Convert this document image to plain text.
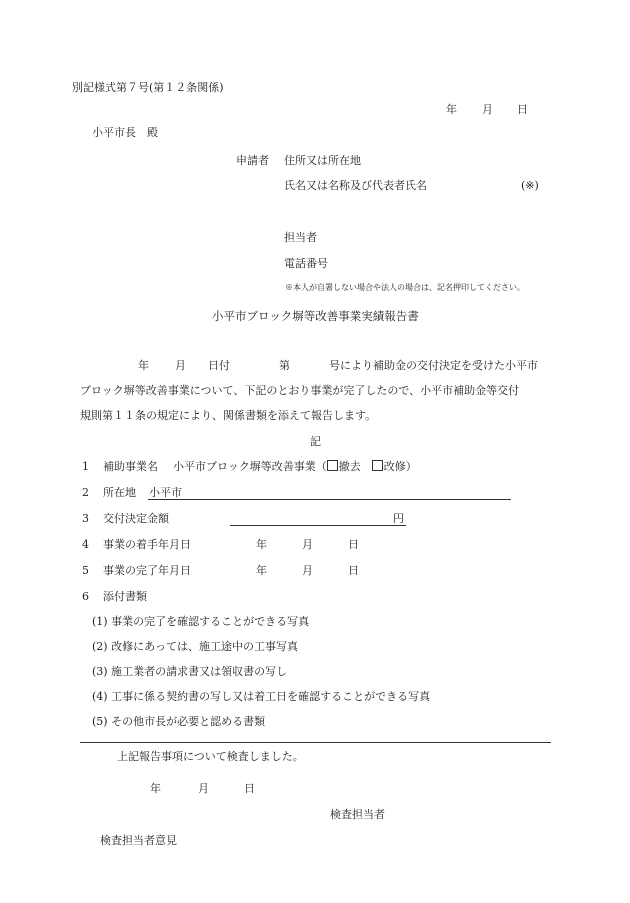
別記様式第７号(第１２条関係)
年 月 日
小平市長　殿
申請者 住所又は所在地
氏名又は名称及び代表者氏名	(※)
担当者
電話番号
※本人が自署しない場合や法人の場合は、記名押印してください。
小平市ブロック塀等改善事業実績報告書
年 月 日付	第	号により補助金の交付決定を受けた小平市
ブロック塀等改善事業について、下記のとおり事業が完了したので、小平市補助金等交付
規則第１１条の規定により、関係書類を添えて報告します。
記
1 補助事業名 小平市ブロック塀等改善事業（ 撤去　 改修）
2 所在地 小平市
3 交付決定金額	円
4 事業の着手年月日	年	月	日
5 事業の完了年月日	年	月	日
6 添付書類
(1) 事業の完了を確認することができる写真
(2) 改修にあっては、施工途中の工事写真
(3) 施工業者の請求書又は領収書の写し
(4) 工事に係る契約書の写し又は着工日を確認することができる写真
(5) その他市長が必要と認める書類
上記報告事項について検査しました。
年	月	日
検査担当者
検査担当者意見
